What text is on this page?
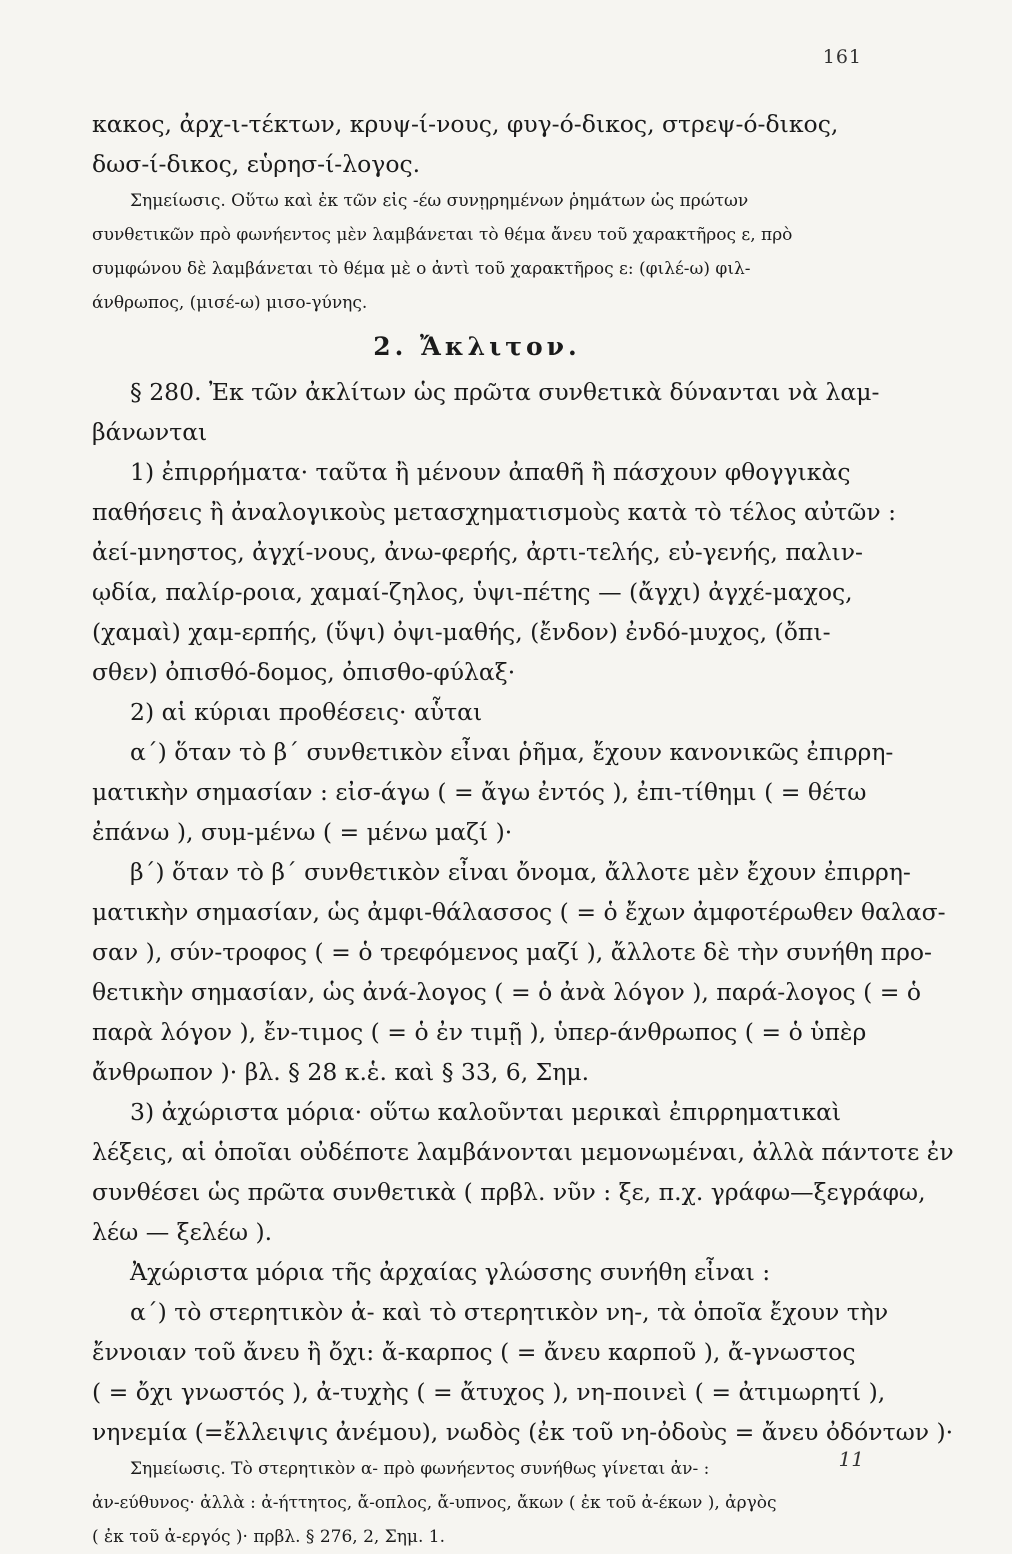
161

κακος, ἀρχ-ι-τέκτων, κρυψ-ί-νους, φυγ-ό-δικος, στρεψ-ό-δικος,

δωσ-ί-δικος, εὑρησ-ί-λογος.

Σημείωσις. Οὕτω καὶ ἐκ τῶν εἰς -έω συνῃρημένων ῥημάτων ὡς πρώτων

συνθετικῶν πρὸ φωνήεντος μὲν λαμβάνεται τὸ θέμα ἄνευ τοῦ χαρακτῆρος ε, πρὸ

συμφώνου δὲ λαμβάνεται τὸ θέμα μὲ ο ἀντὶ τοῦ χαρακτῆρος ε: (φιλέ-ω) φιλ-

άνθρωπος, (μισέ-ω) μισο-γύνης.

2. Ἄκλιτον.

§ 280. Ἐκ τῶν ἀκλίτων ὡς πρῶτα συνθετικὰ δύνανται νὰ λαμ-

βάνωνται

1) ἐπιρρήματα· ταῦτα ἢ μένουν ἀπαθῆ ἢ πάσχουν φθογγικὰς

παθήσεις ἢ ἀναλογικοὺς μετασχηματισμοὺς κατὰ τὸ τέλος αὐτῶν :

ἀεί-μνηστος, ἀγχί-νους, ἀνω-φερής, ἀρτι-τελής, εὐ-γενής, παλιν-

ῳδία, παλίρ-ροια, χαμαί-ζηλος, ὑψι-πέτης — (ἄγχι) ἀγχέ-μαχος,

(χαμαὶ) χαμ-ερπής, (ὕψι) ὀψι-μαθής, (ἔνδον) ἐνδό-μυχος, (ὄπι-

σθεν) ὀπισθό-δομος, ὀπισθο-φύλαξ·

2) αἱ κύριαι προθέσεις· αὗται

α΄) ὅταν τὸ β΄ συνθετικὸν εἶναι ῥῆμα, ἔχουν κανονικῶς ἐπιρρη-

ματικὴν σημασίαν : εἰσ-άγω ( = ἄγω ἐντός ), ἐπι-τίθημι ( = θέτω

ἐπάνω ), συμ-μένω ( = μένω μαζί )·

β΄) ὅταν τὸ β΄ συνθετικὸν εἶναι ὄνομα, ἄλλοτε μὲν ἔχουν ἐπιρρη-

ματικὴν σημασίαν, ὡς ἀμφι-θάλασσος ( = ὁ ἔχων ἀμφοτέρωθεν θαλασ-

σαν ), σύν-τροφος ( = ὁ τρεφόμενος μαζί ), ἄλλοτε δὲ τὴν συνήθη προ-

θετικὴν σημασίαν, ὡς ἀνά-λογος ( = ὁ ἀνὰ λόγον ), παρά-λογος ( = ὁ

παρὰ λόγον ), ἔν-τιμος ( = ὁ ἐν τιμῇ ), ὑπερ-άνθρωπος ( = ὁ ὑπὲρ

ἄνθρωπον )· βλ. § 28 κ.ἑ. καὶ § 33, 6, Σημ.

3) ἀχώριστα μόρια· οὕτω καλοῦνται μερικαὶ ἐπιρρηματικαὶ

λέξεις, αἱ ὁποῖαι οὐδέποτε λαμβάνονται μεμονωμέναι, ἀλλὰ πάντοτε ἐν

συνθέσει ὡς πρῶτα συνθετικὰ ( πρβλ. νῦν : ξε, π.χ. γράφω—ξεγράφω,

λέω — ξελέω ).

Ἀχώριστα μόρια τῆς ἀρχαίας γλώσσης συνήθη εἶναι :

α΄) τὸ στερητικὸν ἀ- καὶ τὸ στερητικὸν νη-, τὰ ὁποῖα ἔχουν τὴν

ἔννοιαν τοῦ ἄνευ ἢ ὄχι: ἄ-καρπος ( = ἄνευ καρποῦ ), ἄ-γνωστος

( = ὄχι γνωστός ), ἀ-τυχὴς ( = ἄτυχος ), νη-ποινεὶ ( = ἀτιμωρητί ),

νηνεμία (=ἔλλειψις ἀνέμου), νωδὸς (ἐκ τοῦ νη-ὀδοὺς = ἄνευ ὀδόντων )·

Σημείωσις. Τὸ στερητικὸν α- πρὸ φωνήεντος συνήθως γίνεται ἀν- :

ἀν-εύθυνος· ἀλλὰ : ἀ-ήττητος, ἄ-οπλος, ἄ-υπνος, ἄκων ( ἐκ τοῦ ἀ-έκων ), ἀργὸς

( ἐκ τοῦ ἀ-εργός )· πρβλ. § 276, 2, Σημ. 1.

11
